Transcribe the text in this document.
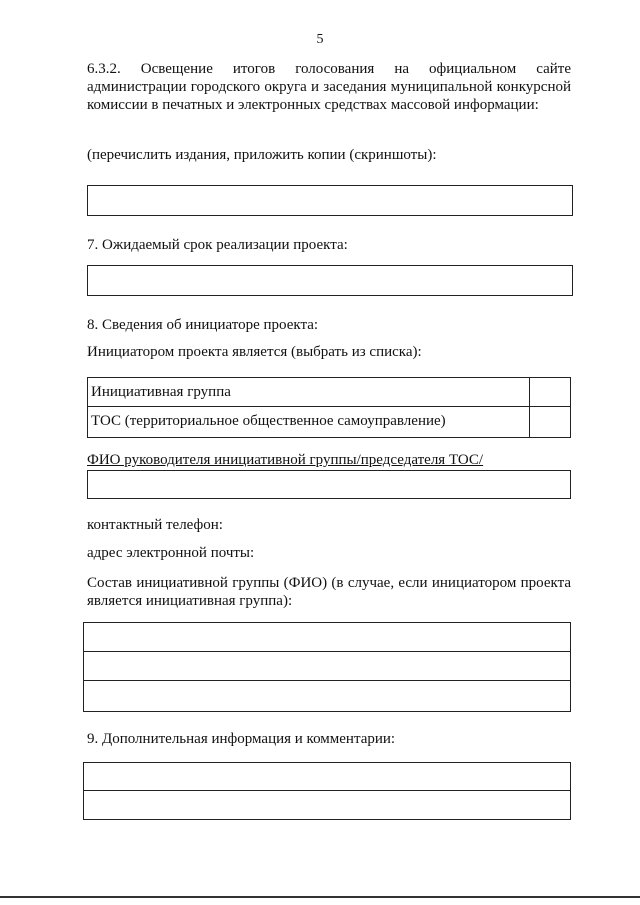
5

6.3.2. Освещение итогов голосования на официальном сайте администрации городского округа и заседания муниципальной конкурсной комиссии в печатных и электронных средствах массовой информации:

(перечислить издания, приложить копии (скриншоты):

7. Ожидаемый срок реализации проекта:

8. Сведения об инициаторе проекта:

Инициатором проекта является (выбрать из списка):

Инициативная группа
ТОС (территориальное общественное самоуправление)

ФИО руководителя инициативной группы/председателя ТОС/

контактный телефон:

адрес электронной почты:

Состав инициативной группы (ФИО) (в случае, если инициатором проекта является инициативная группа):

9. Дополнительная информация и комментарии:
